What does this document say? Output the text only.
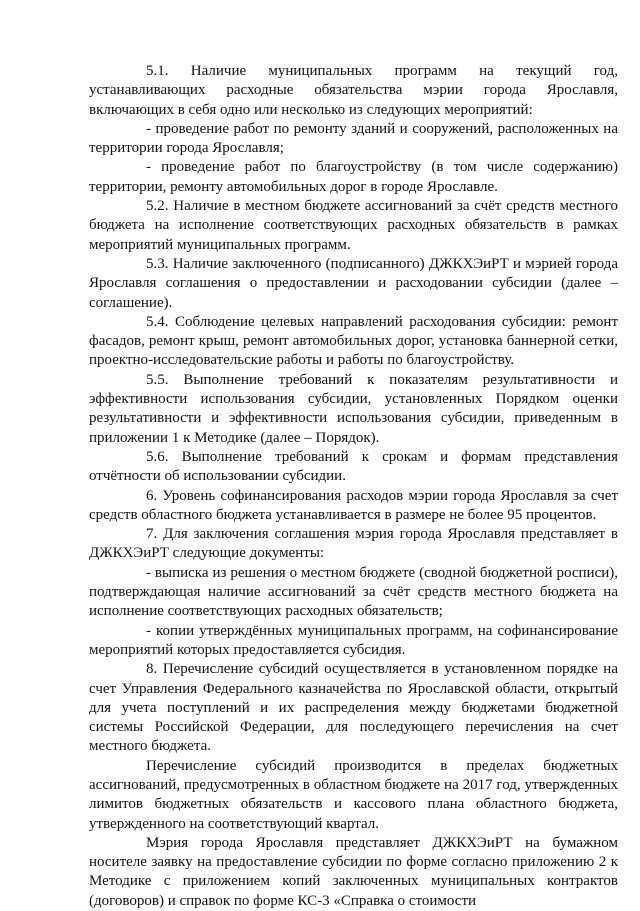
5.1. Наличие муниципальных программ на текущий год, устанавливающих расходные обязательства мэрии города Ярославля, включающих в себя одно или несколько из следующих мероприятий:

- проведение работ по ремонту зданий и сооружений, расположенных на территории города Ярославля;

- проведение работ по благоустройству (в том числе содержанию) территории, ремонту автомобильных дорог в городе Ярославле.

5.2. Наличие в местном бюджете ассигнований за счёт средств местного бюджета на исполнение соответствующих расходных обязательств в рамках мероприятий муниципальных программ.

5.3. Наличие заключенного (подписанного) ДЖКХЭиРТ и мэрией города Ярославля соглашения о предоставлении и расходовании субсидии (далее – соглашение).

5.4. Соблюдение целевых направлений расходования субсидии: ремонт фасадов, ремонт крыш, ремонт автомобильных дорог, установка баннерной сетки, проектно-исследовательские работы и работы по благоустройству.

5.5. Выполнение требований к показателям результативности и эффективности использования субсидии, установленных Порядком оценки результативности и эффективности использования субсидии, приведенным в приложении 1 к Методике (далее – Порядок).

5.6. Выполнение требований к срокам и формам представления отчётности об использовании субсидии.

6. Уровень софинансирования расходов мэрии города Ярославля за счет средств областного бюджета устанавливается в размере не более 95 процентов.

7. Для заключения соглашения мэрия города Ярославля представляет в ДЖКХЭиРТ следующие документы:

- выписка из решения о местном бюджете (сводной бюджетной росписи), подтверждающая наличие ассигнований за счёт средств местного бюджета на исполнение соответствующих расходных обязательств;

- копии утверждённых муниципальных программ, на софинансирование мероприятий которых предоставляется субсидия.

8. Перечисление субсидий осуществляется в установленном порядке на счет Управления Федерального казначейства по Ярославской области, открытый для учета поступлений и их распределения между бюджетами бюджетной системы Российской Федерации, для последующего перечисления на счет местного бюджета.

Перечисление субсидий производится в пределах бюджетных ассигнований, предусмотренных в областном бюджете на 2017 год, утвержденных лимитов бюджетных обязательств и кассового плана областного бюджета, утвержденного на соответствующий квартал.

Мэрия города Ярославля представляет ДЖКХЭиРТ на бумажном носителе заявку на предоставление субсидии по форме согласно приложению 2 к Методике с приложением копий заключенных муниципальных контрактов (договоров) и справок по форме КС-3 «Справка о стоимости
